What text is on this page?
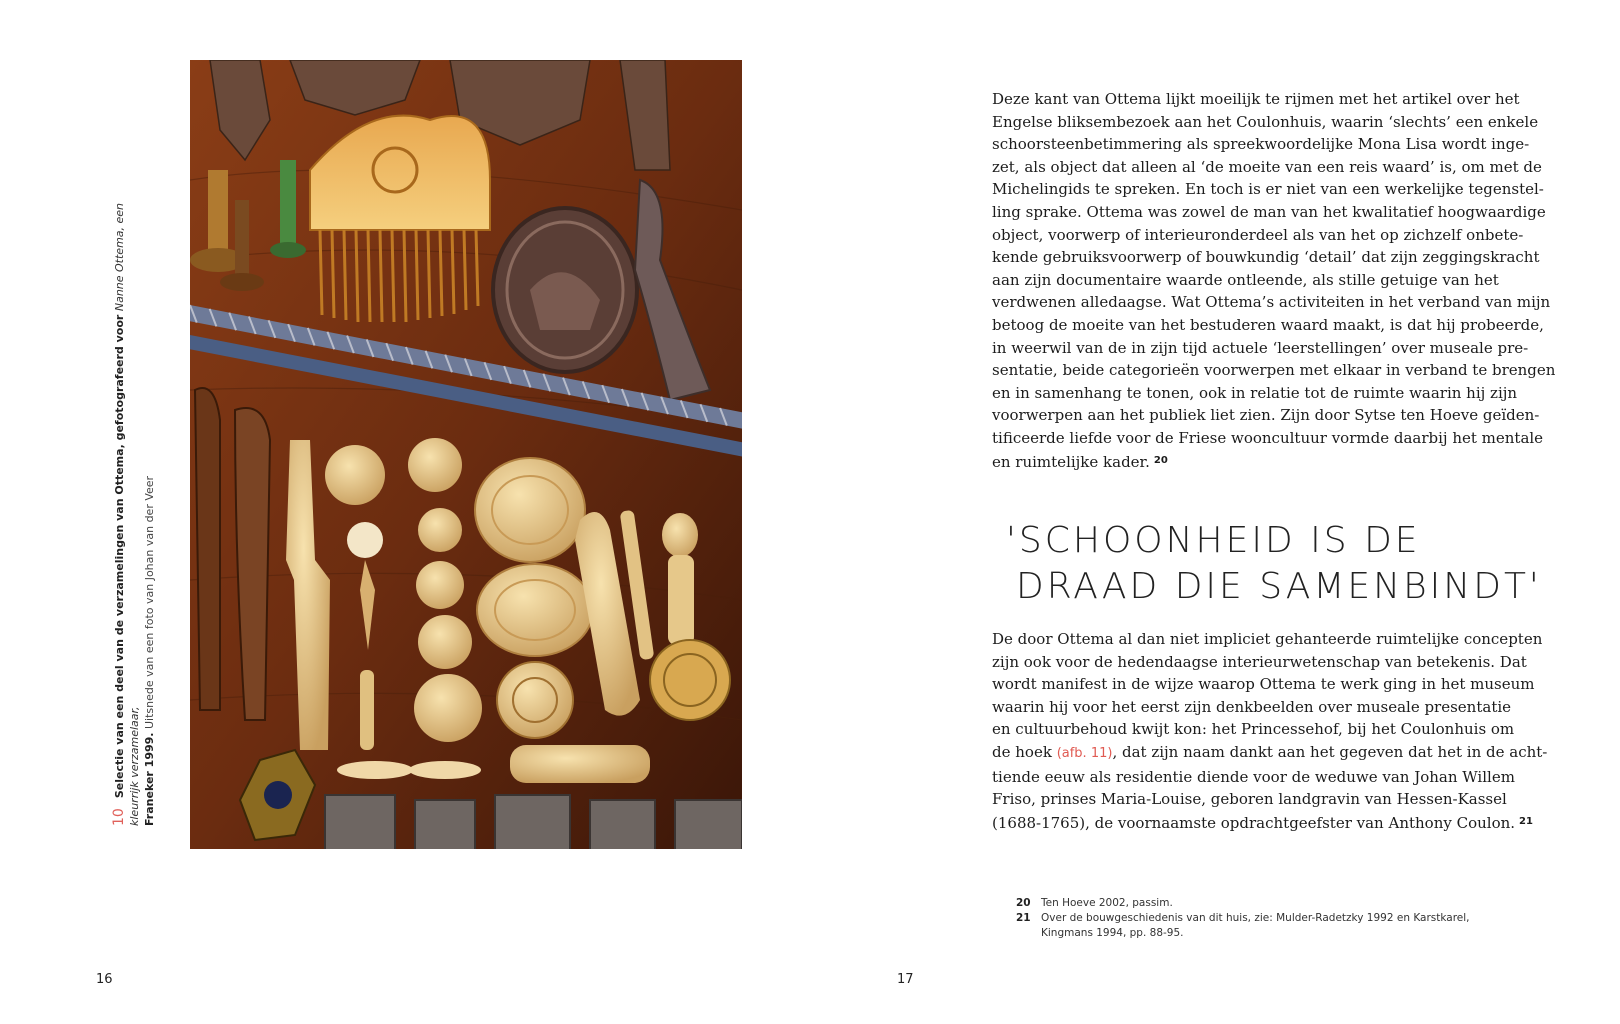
10Selectie van een deel van de verzamelingen van Ottema, gefotografeerd voor Nanne Ottema, een kleurrijk verzamelaar, Franeker 1999. Uitsnede van een foto van Johan van der Veer
16
Deze kant van Ottema lijkt moeilijk te rijmen met het artikel over het
Engelse bliksembezoek aan het Coulonhuis, waarin ‘slechts’ een enkele
schoorsteenbetimmering als spreekwoordelijke Mona Lisa wordt inge-
zet, als object dat alleen al ‘de moeite van een reis waard’ is, om met de
Michelingids te spreken. En toch is er niet van een werkelijke tegenstel-
ling sprake. Ottema was zowel de man van het kwalitatief hoogwaardige
object, voorwerp of interieuronderdeel als van het op zichzelf onbete-
kende gebruiksvoorwerp of bouwkundig ‘detail’ dat zijn zeggingskracht
aan zijn documentaire waarde ontleende, als stille getuige van het
verdwenen alledaagse. Wat Ottema’s activiteiten in het verband van mijn
betoog de moeite van het bestuderen waard maakt, is dat hij probeerde,
in weerwil van de in zijn tijd actuele ‘leerstellingen’ over museale pre-
sentatie, beide categorieën voorwerpen met elkaar in verband te brengen
en in samenhang te tonen, ook in relatie tot de ruimte waarin hij zijn
voorwerpen aan het publiek liet zien. Zijn door Sytse ten Hoeve geïden-
tificeerde liefde voor de Friese wooncultuur vormde daarbij het mentale
en ruimtelijke kader. $^{20}$
'SCHOONHEID IS DE
DRAAD DIE SAMENBINDT'
De door Ottema al dan niet impliciet gehanteerde ruimtelijke concepten
zijn ook voor de hedendaagse interieurwetenschap van betekenis. Dat
wordt manifest in de wijze waarop Ottema te werk ging in het museum
waarin hij voor het eerst zijn denkbeelden over museale presentatie
en cultuurbehoud kwijt kon: het Princessehof, bij het Coulonhuis om
de hoek (afb. 11), dat zijn naam dankt aan het gegeven dat het in de acht-
tiende eeuw als residentie diende voor de weduwe van Johan Willem
Friso, prinses Maria-Louise, geboren landgravin van Hessen-Kassel
(1688-1765), de voornaamste opdrachtgeefster van Anthony Coulon. $^{21}$
20 Ten Hoeve 2002, passim.
21 Over de bouwgeschiedenis van dit huis, zie: Mulder-Radetzky 1992 en Karstkarel, Kingmans 1994, pp. 88-95.
17
